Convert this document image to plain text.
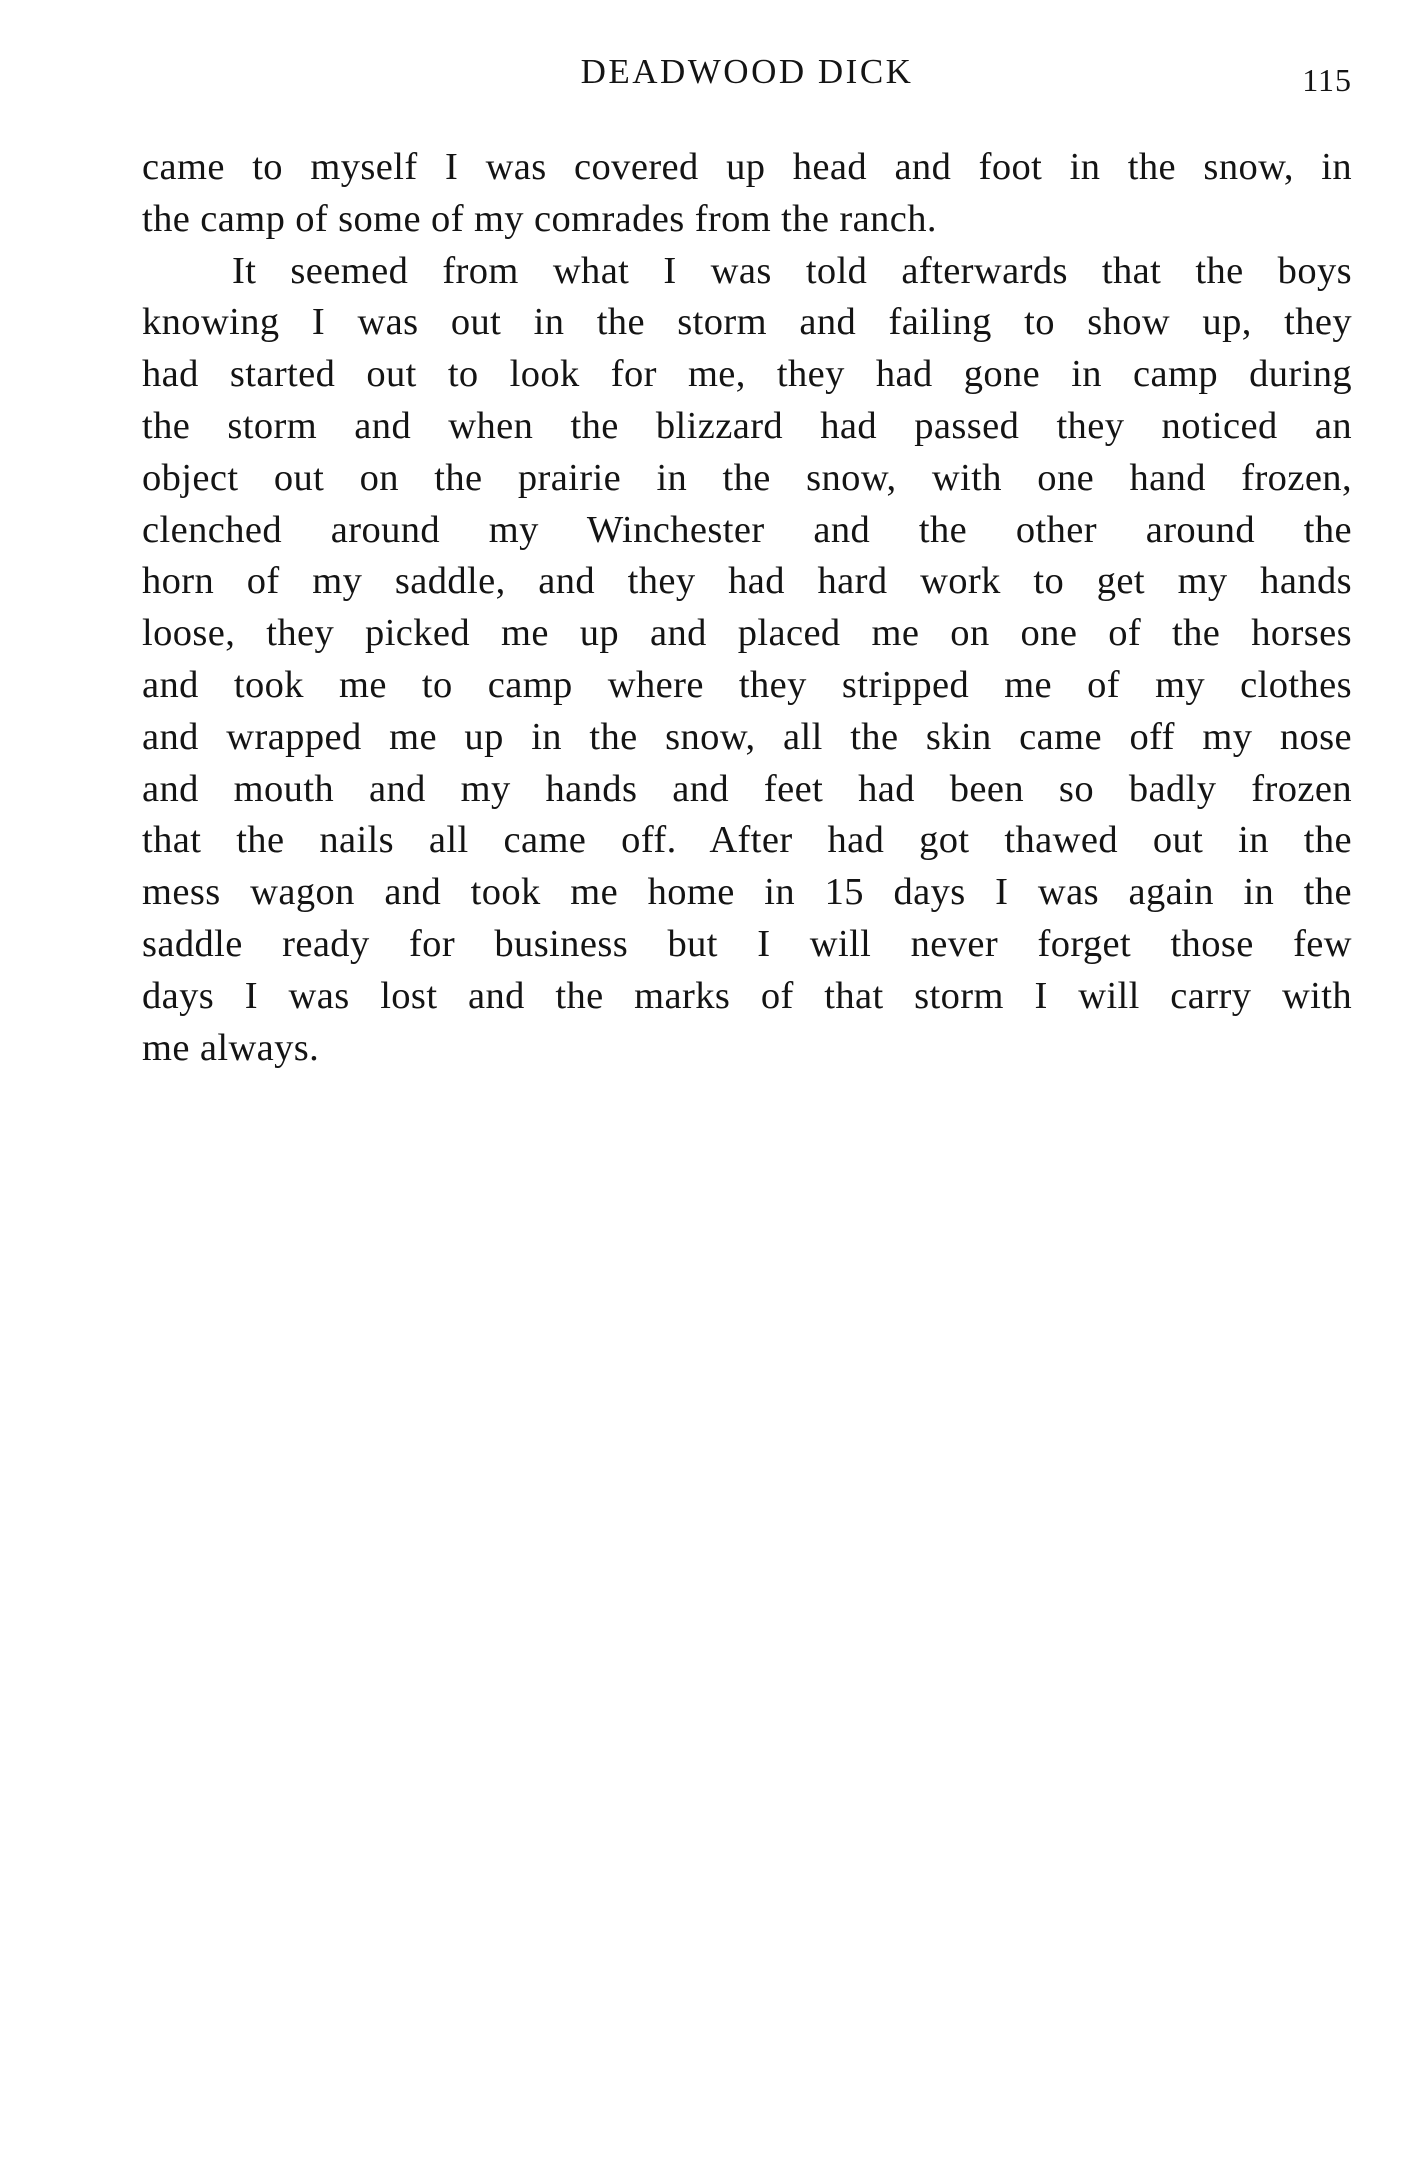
DEADWOOD DICK	115
came to myself I was covered up head and foot in the snow, in
the camp of some of my comrades from the ranch.
It seemed from what I was told afterwards that the boys
knowing I was out in the storm and failing to show up, they
had started out to look for me, they had gone in camp during
the storm and when the blizzard had passed they noticed an
object out on the prairie in the snow, with one hand frozen,
clenched around my Winchester and the other around the
horn of my saddle, and they had hard work to get my hands
loose, they picked me up and placed me on one of the horses
and took me to camp where they stripped me of my clothes
and wrapped me up in the snow, all the skin came off my nose
and mouth and my hands and feet had been so badly frozen
that the nails all came off. After had got thawed out in the
mess wagon and took me home in 15 days I was again in the
saddle ready for business but I will never forget those few
days I was lost and the marks of that storm I will carry with
me always.
